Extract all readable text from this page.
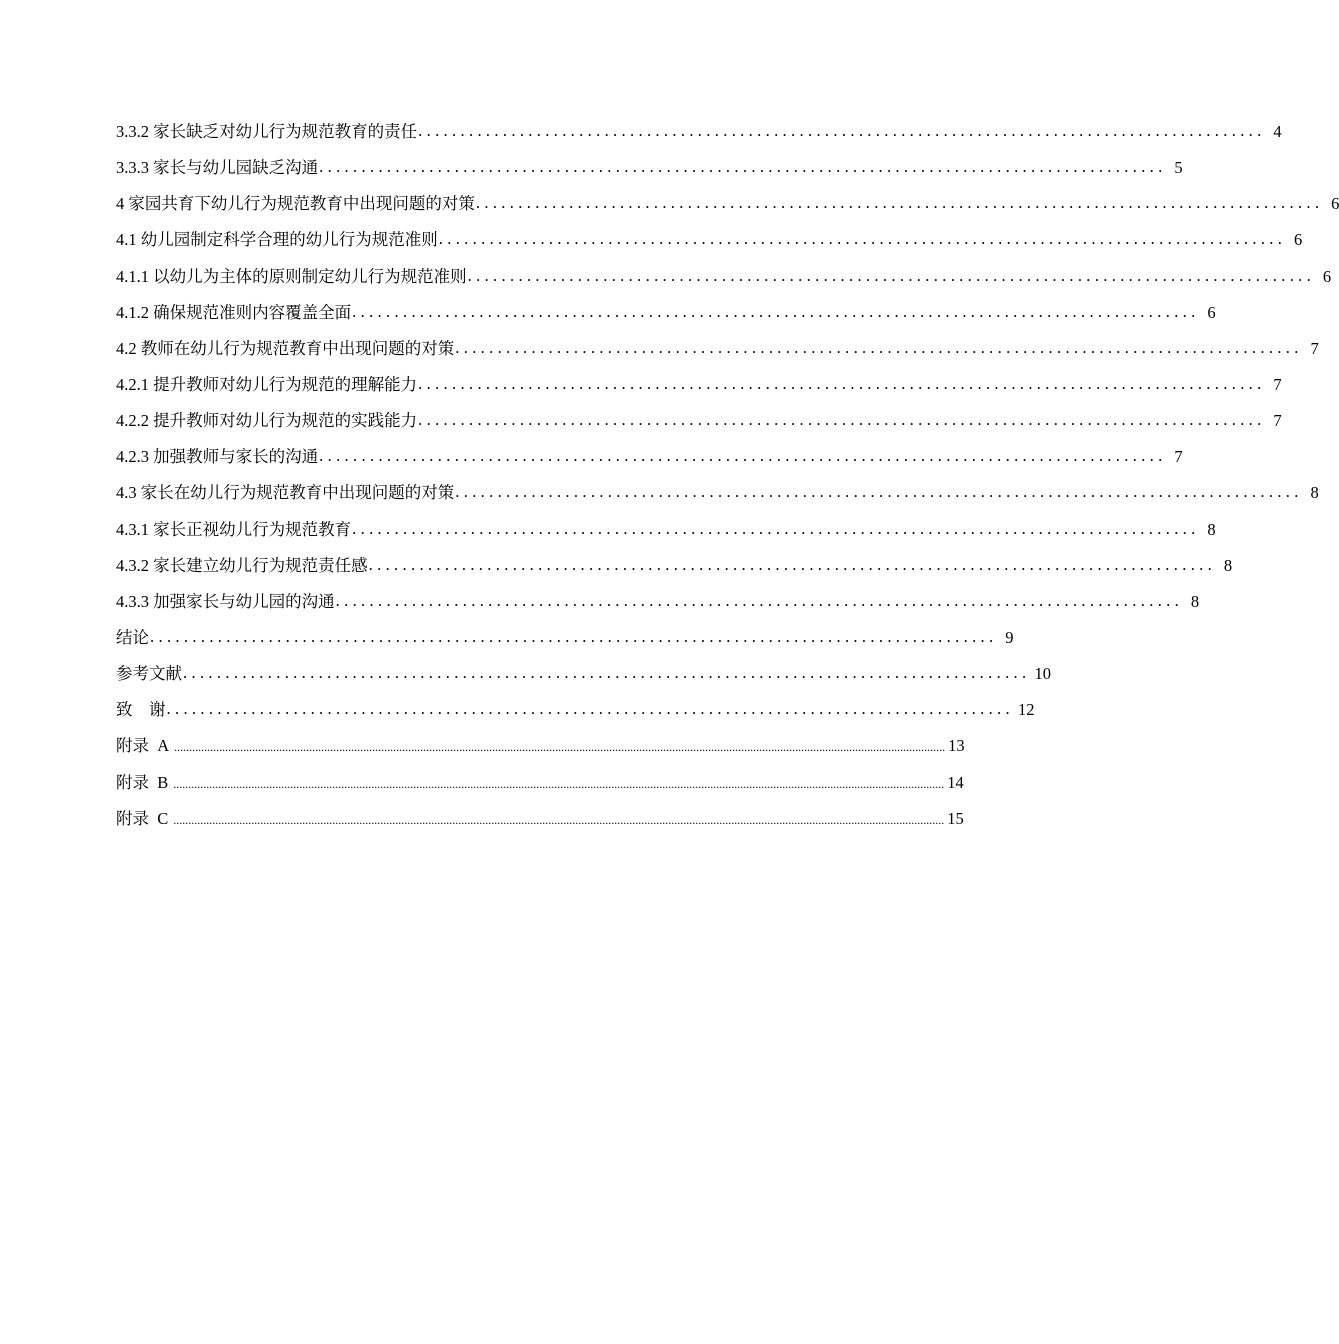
3.3.2 家长缺乏对幼儿行为规范教育的责任 .................................................................................................... 4
3.3.3 家长与幼儿园缺乏沟通 .................................................................................................... 5
4 家园共育下幼儿行为规范教育中出现问题的对策 .................................................................................................... 6
4.1 幼儿园制定科学合理的幼儿行为规范准则 .................................................................................................... 6
4.1.1 以幼儿为主体的原则制定幼儿行为规范准则 .................................................................................................... 6
4.1.2 确保规范准则内容覆盖全面 .................................................................................................... 6
4.2 教师在幼儿行为规范教育中出现问题的对策 .................................................................................................... 7
4.2.1 提升教师对幼儿行为规范的理解能力 .................................................................................................... 7
4.2.2 提升教师对幼儿行为规范的实践能力 .................................................................................................... 7
4.2.3 加强教师与家长的沟通 .................................................................................................... 7
4.3 家长在幼儿行为规范教育中出现问题的对策 .................................................................................................... 8
4.3.1 家长正视幼儿行为规范教育 .................................................................................................... 8
4.3.2 家长建立幼儿行为规范责任感 .................................................................................................... 8
4.3.3 加强家长与幼儿园的沟通 .................................................................................................... 8
结论 .................................................................................................... 9
参考文献 .................................................................................................... 10
致    谢 .................................................................................................... 12
附录  A ................................................................................................................................................................................................................................................................. 13
附录  B ................................................................................................................................................................................................................................................................. 14
附录  C ................................................................................................................................................................................................................................................................. 15
